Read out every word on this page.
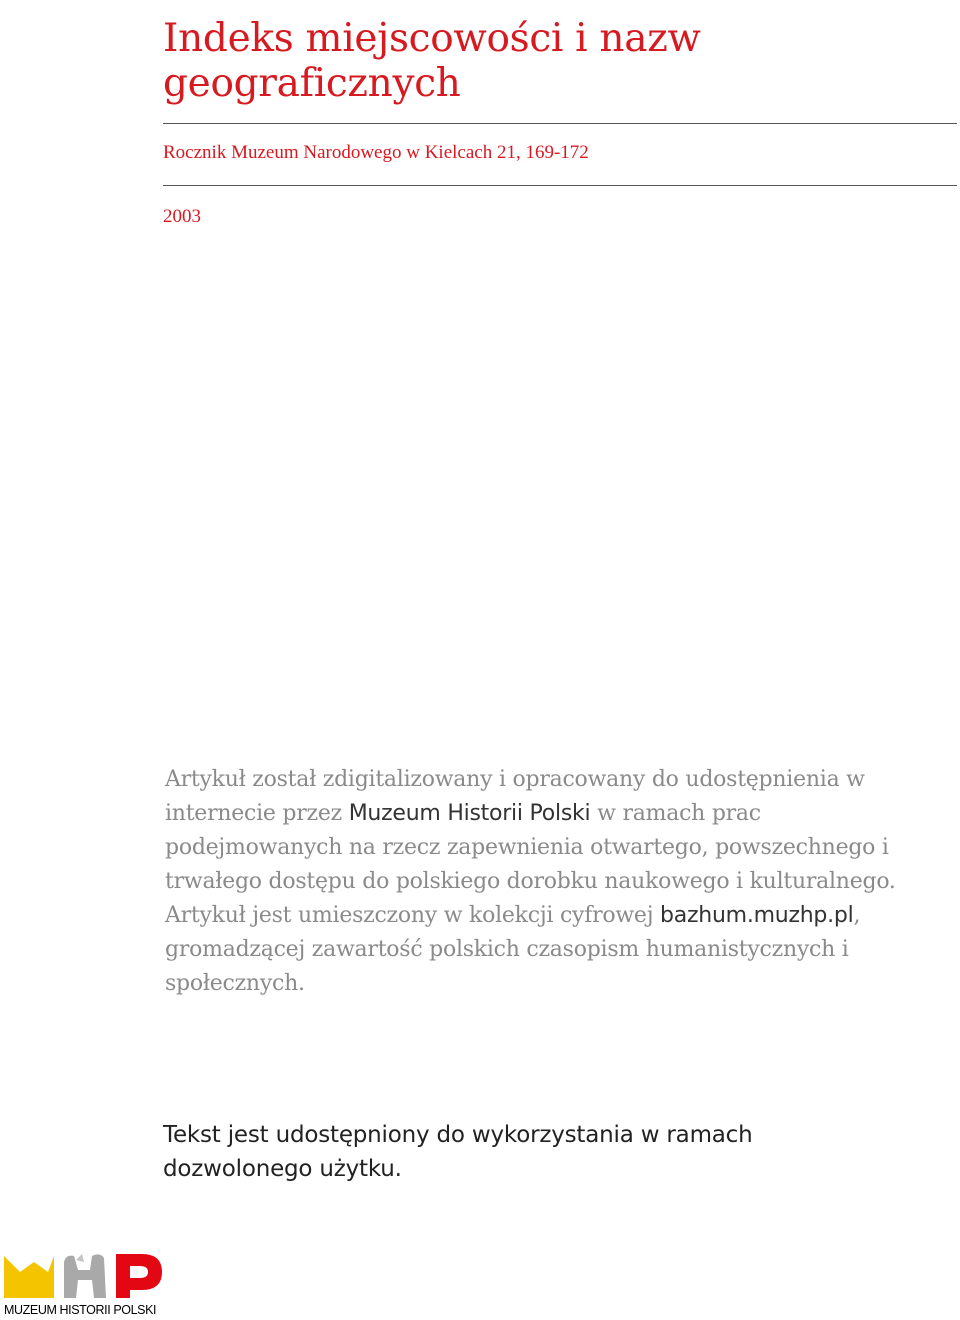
Indeks miejscowości i nazw geograficznych
Rocznik Muzeum Narodowego w Kielcach 21, 169-172
2003

Artykuł został zdigitalizowany i opracowany do udostępnienia w internecie przez Muzeum Historii Polski w ramach prac podejmowanych na rzecz zapewnienia otwartego, powszechnego i trwałego dostępu do polskiego dorobku naukowego i kulturalnego. Artykuł jest umieszczony w kolekcji cyfrowej bazhum.muzhp.pl, gromadzącej zawartość polskich czasopism humanistycznych i społecznych.

Tekst jest udostępniony do wykorzystania w ramach dozwolonego użytku.

MUZEUM HISTORII POLSKI
